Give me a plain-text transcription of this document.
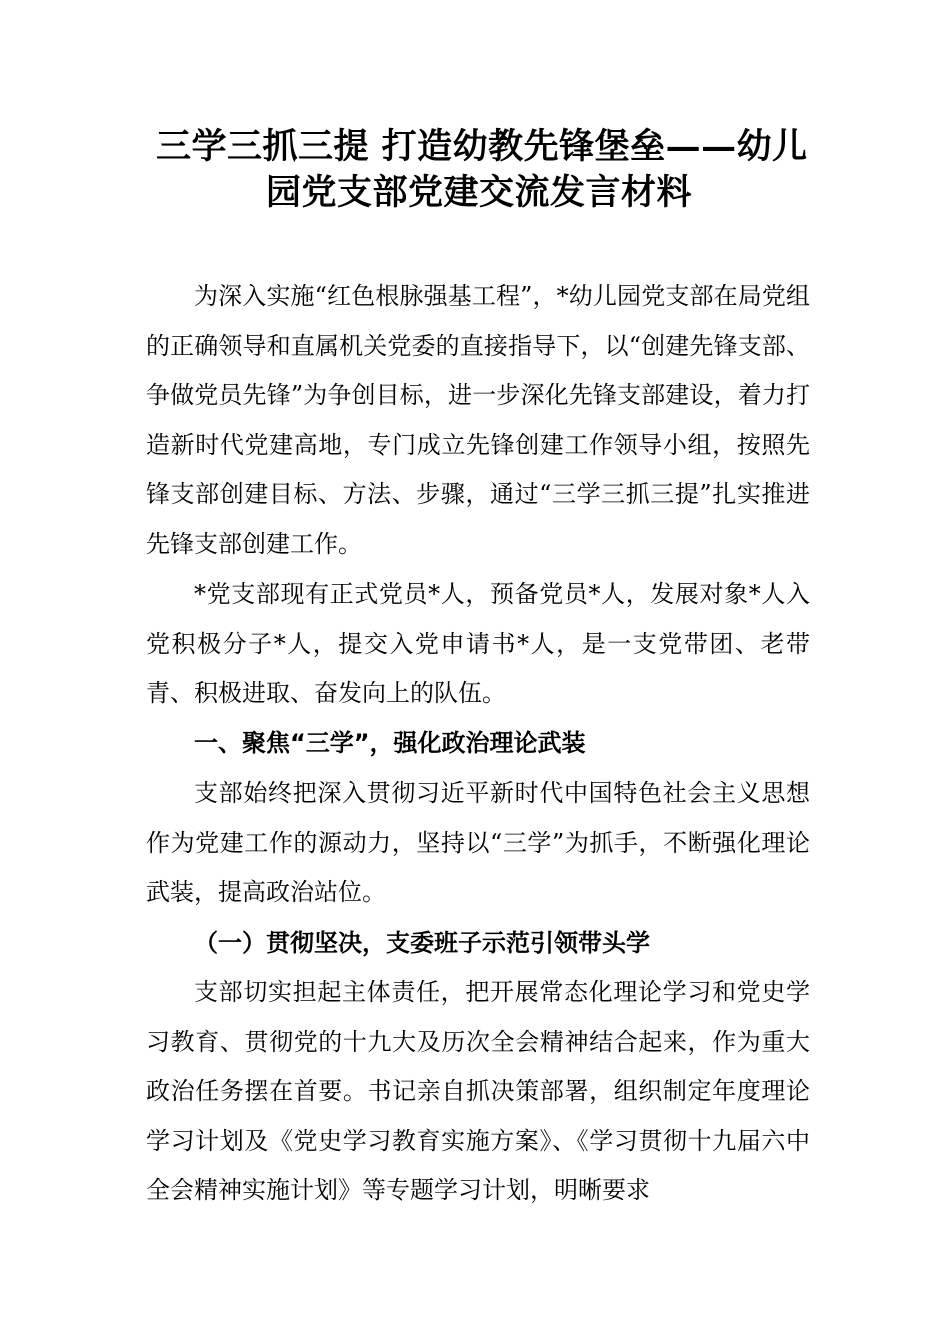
三学三抓三提 打造幼教先锋堡垒——幼儿
园党支部党建交流发言材料
为深入实施“红色根脉强基工程”，*幼儿园党支部在局党组的正确领导和直属机关党委的直接指导下，以“创建先锋支部、争做党员先锋”为争创目标，进一步深化先锋支部建设，着力打造新时代党建高地，专门成立先锋创建工作领导小组，按照先锋支部创建目标、方法、步骤，通过“三学三抓三提”扎实推进先锋支部创建工作。
*党支部现有正式党员*人，预备党员*人，发展对象*人入党积极分子*人，提交入党申请书*人，是一支党带团、老带青、积极进取、奋发向上的队伍。
一、聚焦“三学”，强化政治理论武装
支部始终把深入贯彻习近平新时代中国特色社会主义思想作为党建工作的源动力，坚持以“三学”为抓手，不断强化理论武装，提高政治站位。
（一）贯彻坚决，支委班子示范引领带头学
支部切实担起主体责任，把开展常态化理论学习和党史学习教育、贯彻党的十九大及历次全会精神结合起来，作为重大政治任务摆在首要。书记亲自抓决策部署，组织制定年度理论学习计划及《党史学习教育实施方案》、《学习贯彻十九届六中全会精神实施计划》等专题学习计划，明晰要求
